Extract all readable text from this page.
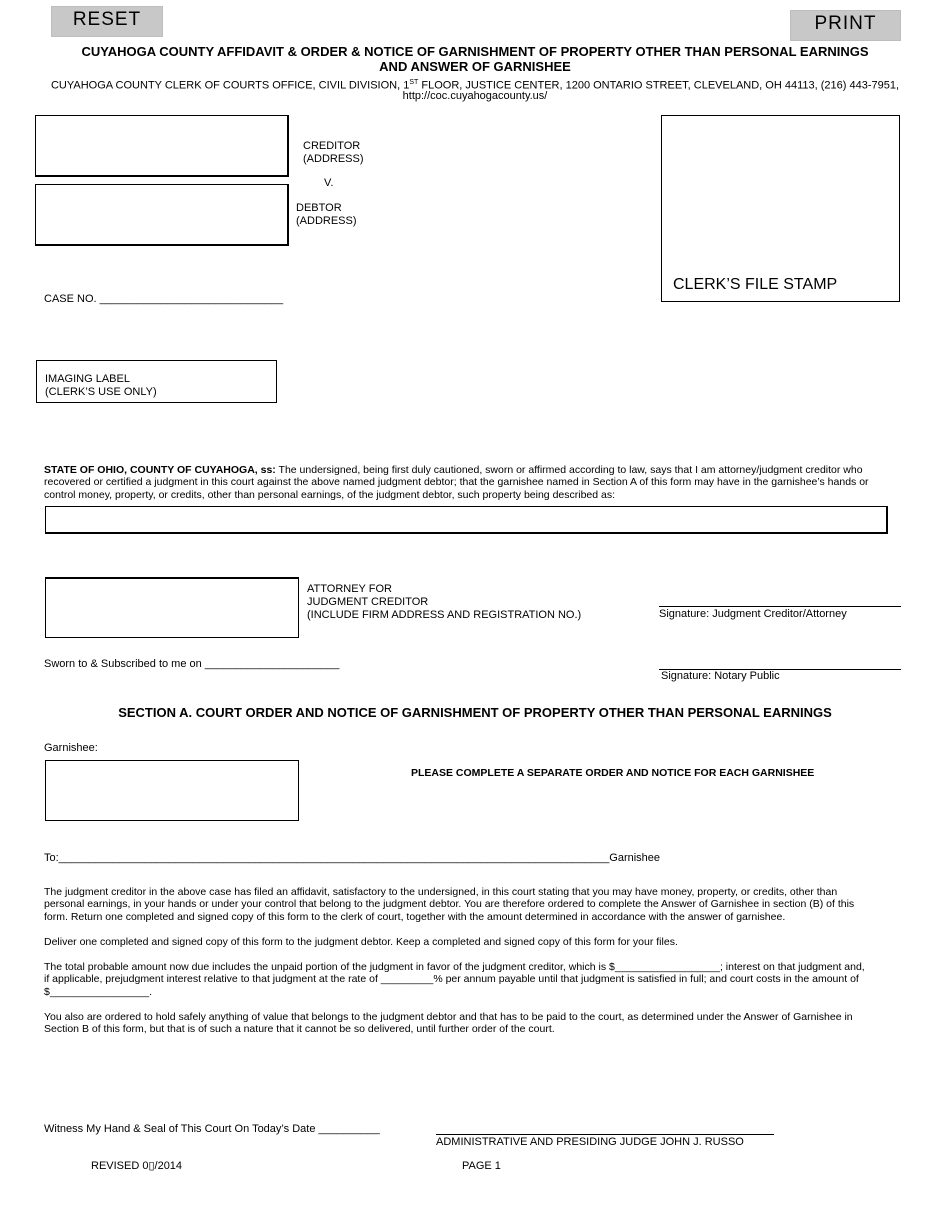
RESET	PRINT
CUYAHOGA COUNTY AFFIDAVIT & ORDER & NOTICE OF GARNISHMENT OF PROPERTY OTHER THAN PERSONAL EARNINGS
AND ANSWER OF GARNISHEE
CUYAHOGA COUNTY CLERK OF COURTS OFFICE, CIVIL DIVISION, 1ST FLOOR, JUSTICE CENTER, 1200 ONTARIO STREET, CLEVELAND, OH 44113, (216) 443-7951,
http://coc.cuyahogacounty.us/
CREDITOR
(ADDRESS)
V.
DEBTOR
(ADDRESS)
CLERK’S FILE STAMP
CASE NO. ______________________________
IMAGING LABEL
(CLERK’S USE ONLY)
STATE OF OHIO, COUNTY OF CUYAHOGA, ss: The undersigned, being first duly cautioned, sworn or affirmed according to law, says that I am attorney/judgment creditor who
recovered or certified a judgment in this court against the above named judgment debtor; that the garnishee named in Section A of this form may have in the garnishee’s hands or
control money, property, or credits, other than personal earnings, of the judgment debtor, such property being described as:
ATTORNEY FOR
JUDGMENT CREDITOR
(INCLUDE FIRM ADDRESS AND REGISTRATION NO.)	Signature: Judgment Creditor/Attorney
Sworn to & Subscribed to me on ______________________
Signature: Notary Public
SECTION A. COURT ORDER AND NOTICE OF GARNISHMENT OF PROPERTY OTHER THAN PERSONAL EARNINGS
Garnishee:
PLEASE COMPLETE A SEPARATE ORDER AND NOTICE FOR EACH GARNISHEE
To:__________________________________________________________________________________________Garnishee
The judgment creditor in the above case has filed an affidavit, satisfactory to the undersigned, in this court stating that you may have money, property, or credits, other than
personal earnings, in your hands or under your control that belong to the judgment debtor. You are therefore ordered to complete the Answer of Garnishee in section (B) of this
form. Return one completed and signed copy of this form to the clerk of court, together with the amount determined in accordance with the answer of garnishee.
Deliver one completed and signed copy of this form to the judgment debtor. Keep a completed and signed copy of this form for your files.
The total probable amount now due includes the unpaid portion of the judgment in favor of the judgment creditor, which is $__________________; interest on that judgment and,
if applicable, prejudgment interest relative to that judgment at the rate of _________% per annum payable until that judgment is satisfied in full; and court costs in the amount of
$_________________.
You also are ordered to hold safely anything of value that belongs to the judgment debtor and that has to be paid to the court, as determined under the Answer of Garnishee in
Section B of this form, but that is of such a nature that it cannot be so delivered, until further order of the court.
Witness My Hand & Seal of This Court On Today’s Date __________
ADMINISTRATIVE AND PRESIDING JUDGE JOHN J. RUSSO
REVISED 0▯/2014	PAGE 1
